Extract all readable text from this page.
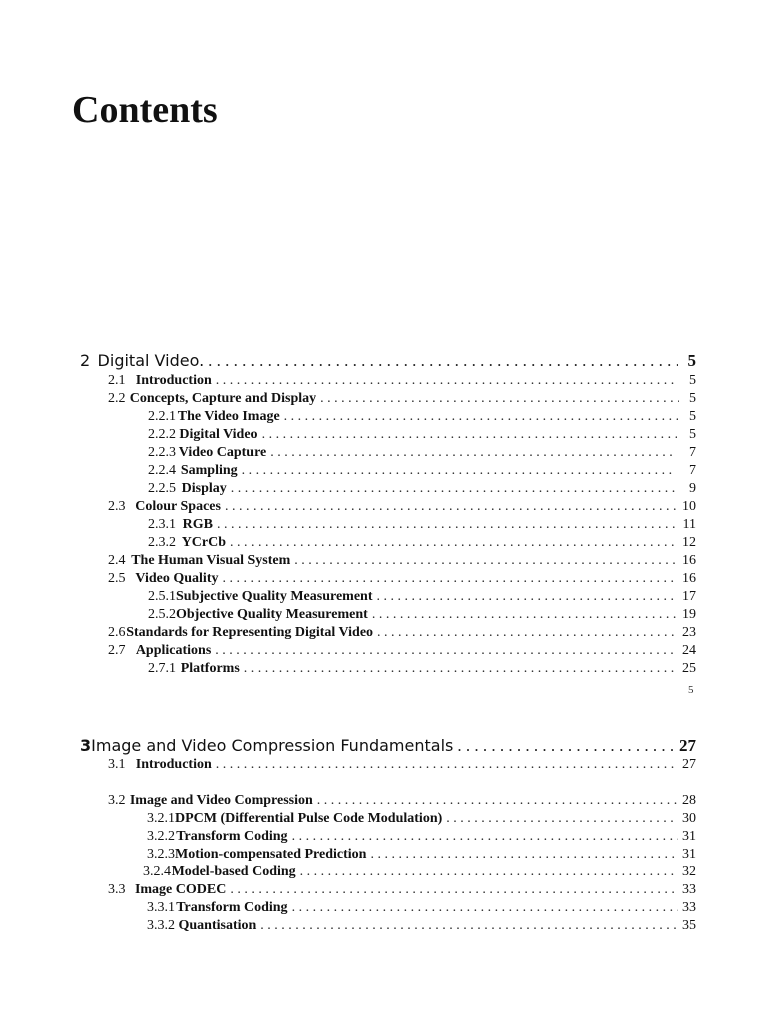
Contents
2 Digital Video. . . .	5
2.1 Introduction . . .	5
2.2 Concepts, Capture and Display . . .	5
2.2.1 The Video Image . . .	5
2.2.2 Digital Video . . .	5
2.2.3 Video Capture . . .	7
2.2.4 Sampling . . .	7
2.2.5 Display . . .	9
2.3 Colour Spaces . . .	10
2.3.1 RGB . . .	11
2.3.2 YCrCb . . .	12
2.4 The Human Visual System . . .	16
2.5 Video Quality . . .	16
2.5.1 Subjective Quality Measurement . . .	17
2.5.2 Objective Quality Measurement . . .	19
2.6 Standards for Representing Digital Video . . .	23
2.7 Applications . . .	24
2.7.1 Platforms . . .	25
5
3 Image and Video Compression Fundamentals . . .	27
3.1 Introduction . . .	27
3.2 Image and Video Compression . . .	28
3.2.1 DPCM (Differential Pulse Code Modulation) . . .	30
3.2.2 Transform Coding . . .	31
3.2.3 Motion-compensated Prediction . . .	31
3.2.4 Model-based Coding . . .	32
3.3 Image CODEC . . .	33
3.3.1 Transform Coding . . .	33
3.3.2 Quantisation . . .	35
